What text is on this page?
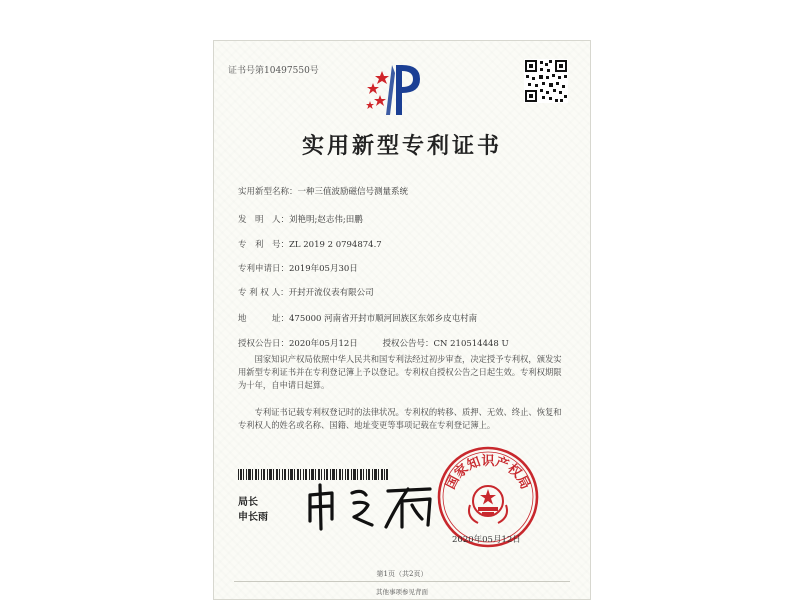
证书号第10497550号
实用新型专利证书
实用新型名称：一种三值波励磁信号测量系统
发　明　人：刘艳明;赵志伟;田鹏
专　利　号：ZL 2019 2 0794874.7
专利申请日：2019年05月30日
专 利 权 人：开封开流仪表有限公司
地　　　址：475000 河南省开封市顺河回族区东郊乡皮屯村南
授权公告日：2020年05月12日	授权公告号：CN 210514448 U
国家知识产权局依照中华人民共和国专利法经过初步审查，决定授予专利权，颁发实用新型专利证书并在专利登记簿上予以登记。专利权自授权公告之日起生效。专利权期限为十年，自申请日起算。
专利证书记载专利权登记时的法律状况。专利权的转移、质押、无效、终止、恢复和专利权人的姓名或名称、国籍、地址变更等事项记载在专利登记簿上。
局长
申长雨
国家知识产权局
2020年05月12日
第1页（共2页）
其他事项参见背面
